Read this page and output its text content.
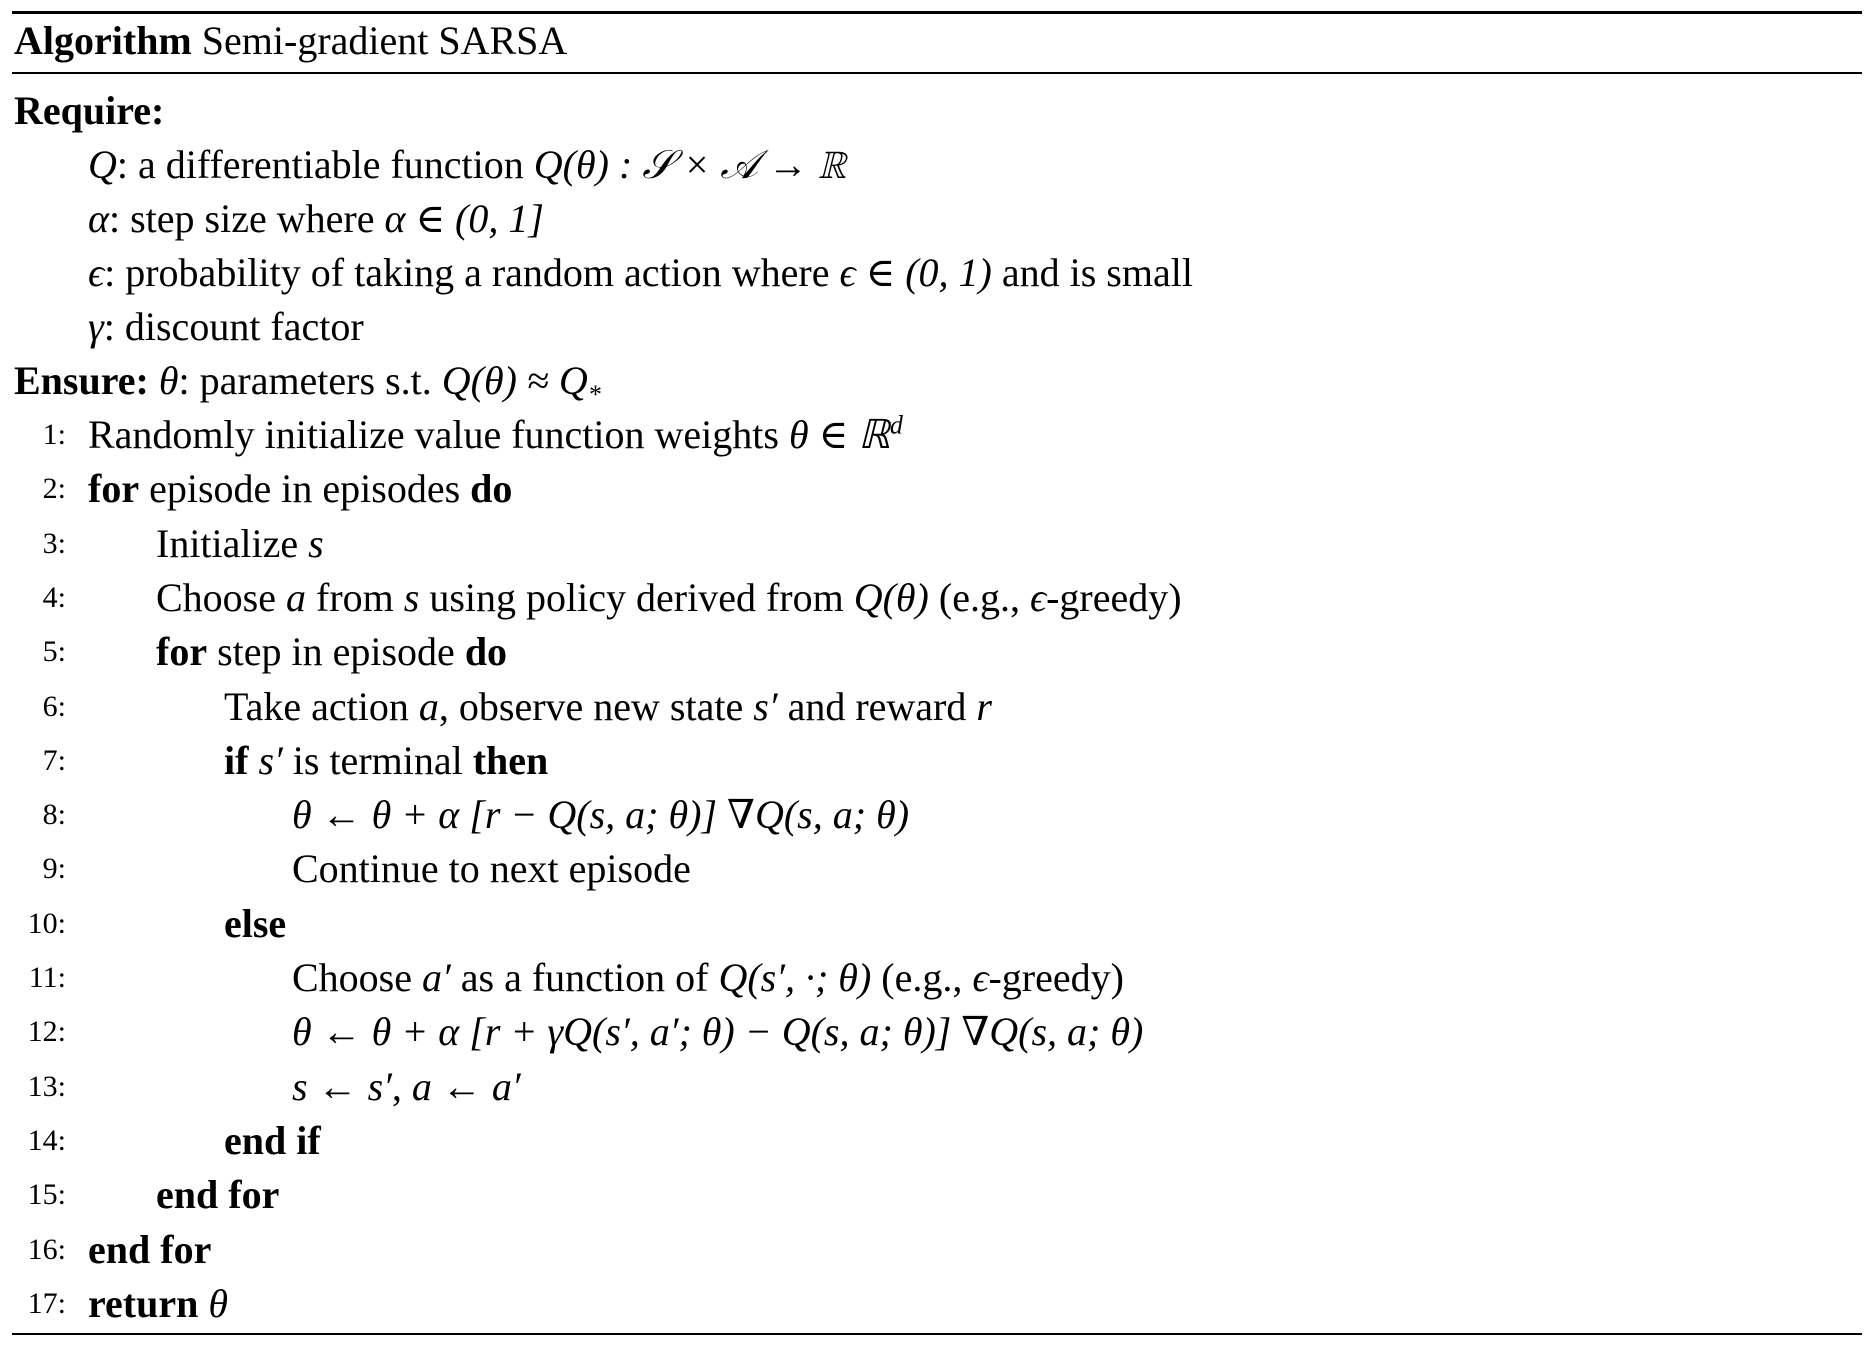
Algorithm Semi-gradient SARSA
Require:
Q: a differentiable function Q(θ) : 𝒮 × 𝒜 → ℝ
α: step size where α ∈ (0, 1]
ϵ: probability of taking a random action where ϵ ∈ (0, 1) and is small
γ: discount factor
Ensure: θ: parameters s.t. $Q(\theta) \approx Q_*$
1: Randomly initialize value function weights θ ∈ ℝ$^d$
2: for episode in episodes do
3: Initialize s
4: Choose a from s using policy derived from Q(θ) (e.g., ϵ-greedy)
5: for step in episode do
6:	Take action a, observe new state s′ and reward r
7:	if s′ is terminal then
8:	θ ← θ + α [r − Q(s, a; θ)] ∇Q(s, a; θ)
9:	Continue to next episode
10:	else
11:	Choose a′ as a function of Q(s′, ·; θ) (e.g., ϵ-greedy)
12:	θ ← θ + α [r + γQ(s′, a′; θ) − Q(s, a; θ)] ∇Q(s, a; θ)
13:	s ← s′, a ← a′
14:	end if
15: end for
16: end for
17: return θ
